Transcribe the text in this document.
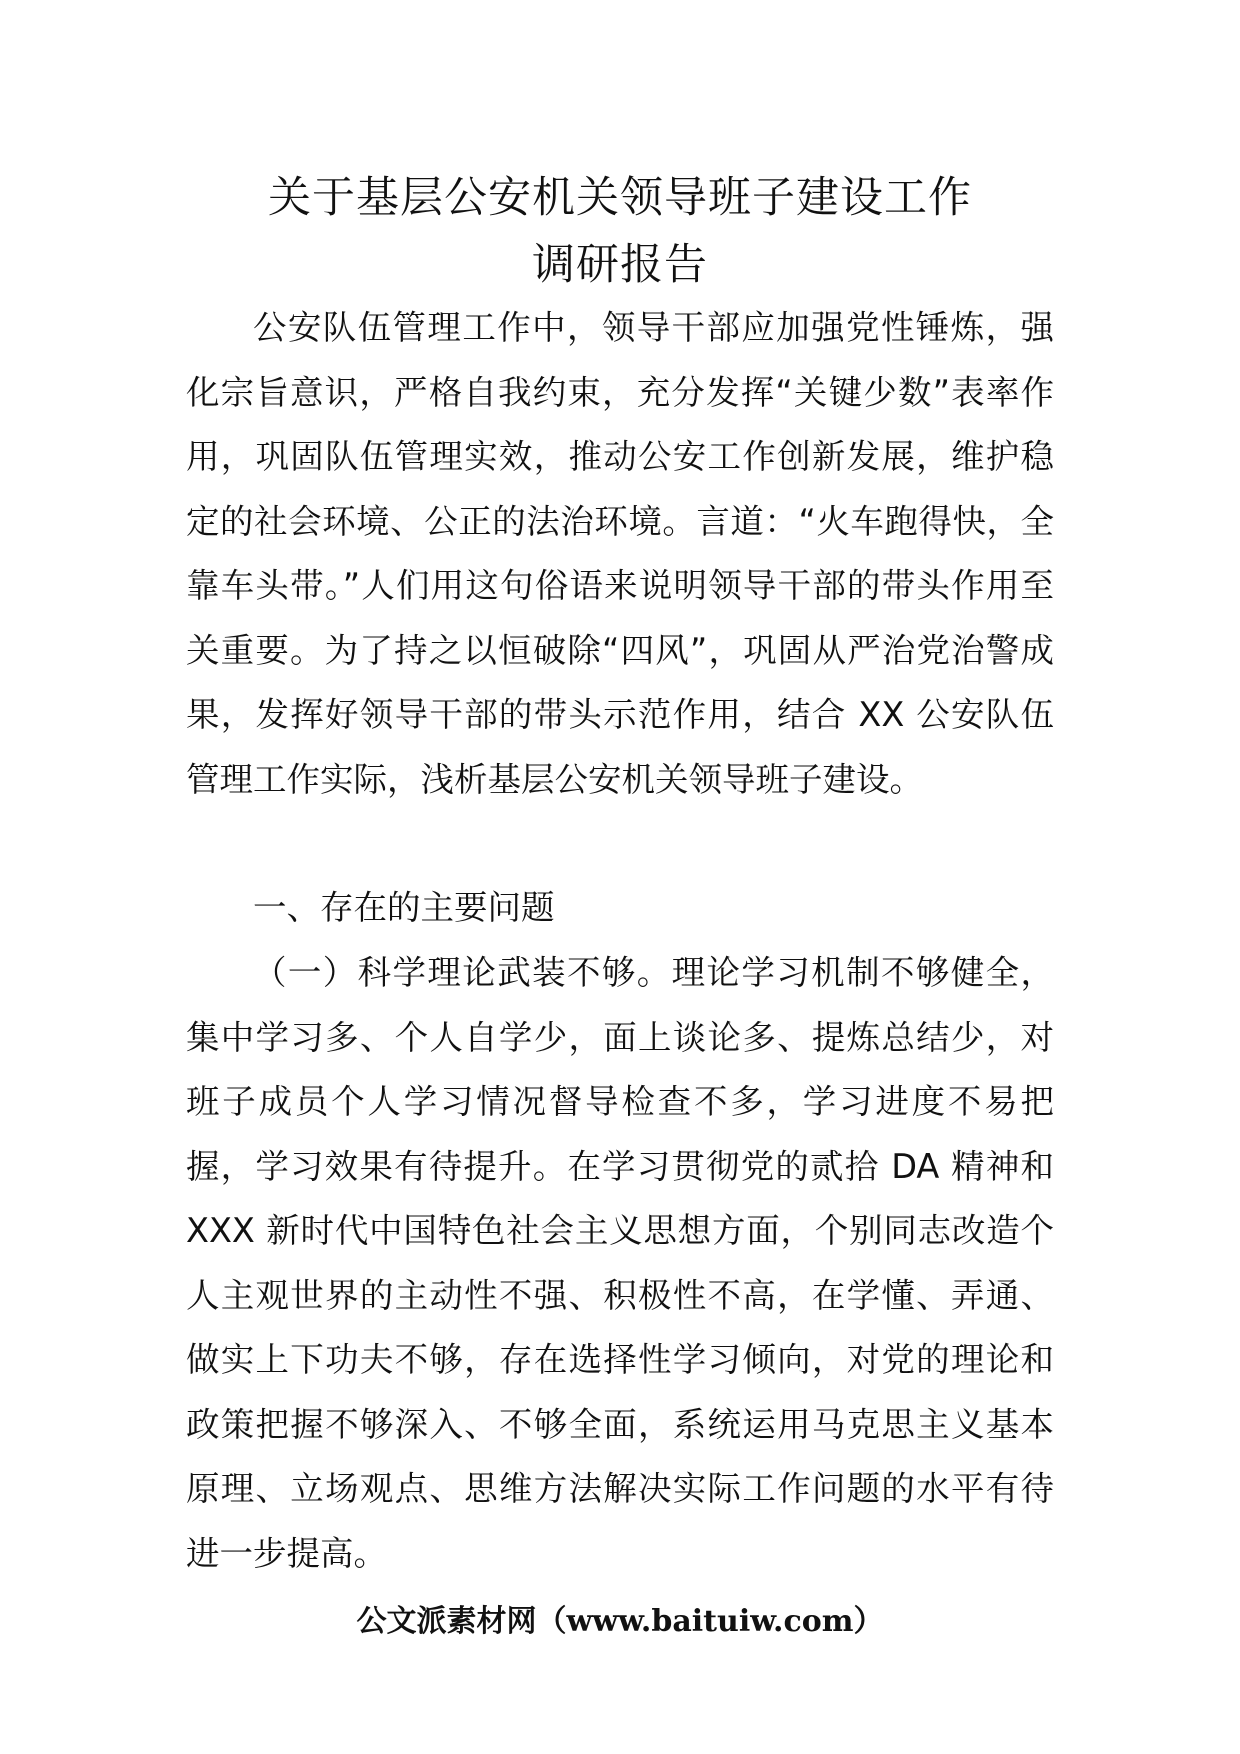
关于基层公安机关领导班子建设工作
调研报告

公安队伍管理工作中，领导干部应加强党性锤炼，强化宗旨意识，严格自我约束，充分发挥“关键少数”表率作用，巩固队伍管理实效，推动公安工作创新发展，维护稳定的社会环境、公正的法治环境。言道：“火车跑得快，全靠车头带。”人们用这句俗语来说明领导干部的带头作用至关重要。为了持之以恒破除“四风”，巩固从严治党治警成果，发挥好领导干部的带头示范作用，结合 XX 公安队伍管理工作实际，浅析基层公安机关领导班子建设。

一、存在的主要问题

（一）科学理论武装不够。理论学习机制不够健全，集中学习多、个人自学少，面上谈论多、提炼总结少，对班子成员个人学习情况督导检查不多，学习进度不易把握，学习效果有待提升。在学习贯彻党的贰拾 DA 精神和 XXX 新时代中国特色社会主义思想方面，个别同志改造个人主观世界的主动性不强、积极性不高，在学懂、弄通、做实上下功夫不够，存在选择性学习倾向，对党的理论和政策把握不够深入、不够全面，系统运用马克思主义基本原理、立场观点、思维方法解决实际工作问题的水平有待进一步提高。

公文派素材网（www.baituiw.com）
